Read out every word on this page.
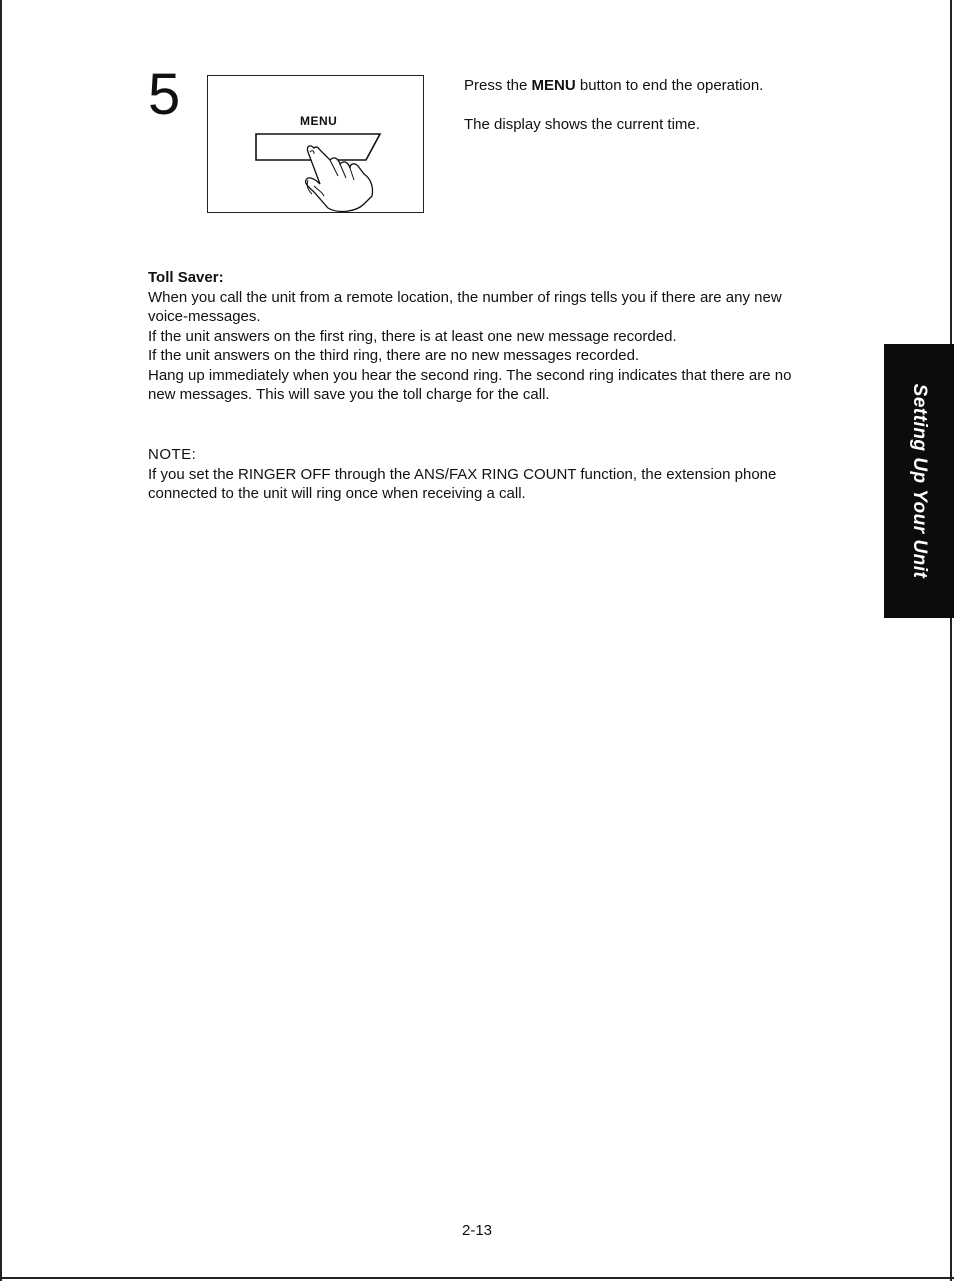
5	MENU

Press the MENU button to end the operation.

The display shows the current time.

Toll Saver:
When you call the unit from a remote location, the number of rings tells you if there are any new
voice-messages.
If the unit answers on the first ring, there is at least one new message recorded.
If the unit answers on the third ring, there are no new messages recorded.
Hang up immediately when you hear the second ring. The second ring indicates that there are no
new messages. This will save you the toll charge for the call.
NOTE:
If you set the RINGER OFF through the ANS/FAX RING COUNT function, the extension phone
connected to the unit will ring once when receiving a call.	Setting Up Your Unit
2-13
